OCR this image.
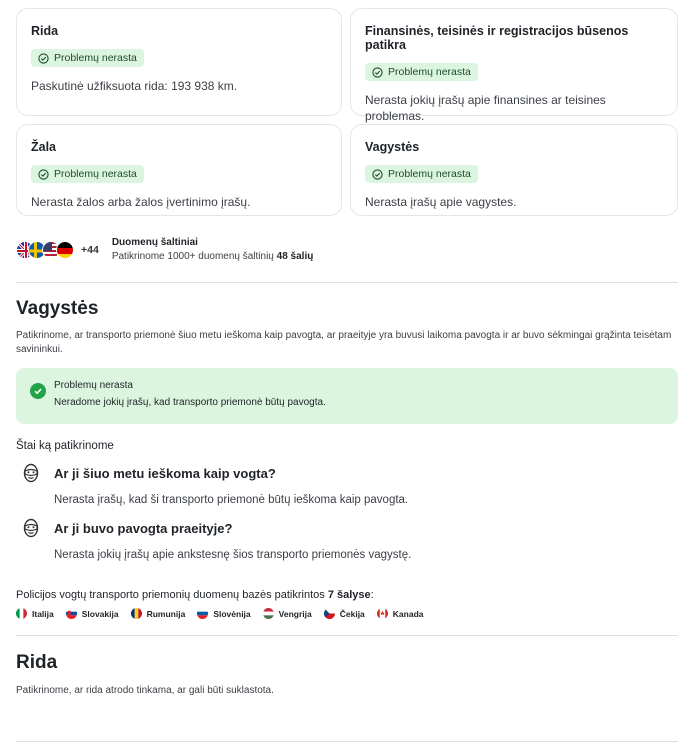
Rida
Problemų nerasta
Paskutinė užfiksuota rida: 193 938 km.
Finansinės, teisinės ir registracijos būsenos patikra
Problemų nerasta
Nerasta jokių įrašų apie finansines ar teisines problemas.
Žala
Problemų nerasta
Nerasta žalos arba žalos įvertinimo įrašų.
Vagystės
Problemų nerasta
Nerasta įrašų apie vagystes.
+44
Duomenų šaltiniai
Patikrinome 1000+ duomenų šaltinių 48 šalių
Vagystės
Patikrinome, ar transporto priemonė šiuo metu ieškoma kaip pavogta, ar praeityje yra buvusi laikoma pavogta ir ar buvo sėkmingai grąžinta teisėtam savininkui.
Problemų nerasta
Neradome jokių įrašų, kad transporto priemonė būtų pavogta.
Štai ką patikrinome
Ar ji šiuo metu ieškoma kaip vogta?
Nerasta įrašų, kad ši transporto priemonė būtų ieškoma kaip pavogta.
Ar ji buvo pavogta praeityje?
Nerasta jokių įrašų apie ankstesnę šios transporto priemonės vagystę.
Policijos vogtų transporto priemonių duomenų bazės patikrintos 7 šalyse:
Italija	Slovakija	Rumunija	Slovėnija	Vengrija	Čekija	Kanada
Rida
Patikrinome, ar rida atrodo tinkama, ar gali būti suklastota.
